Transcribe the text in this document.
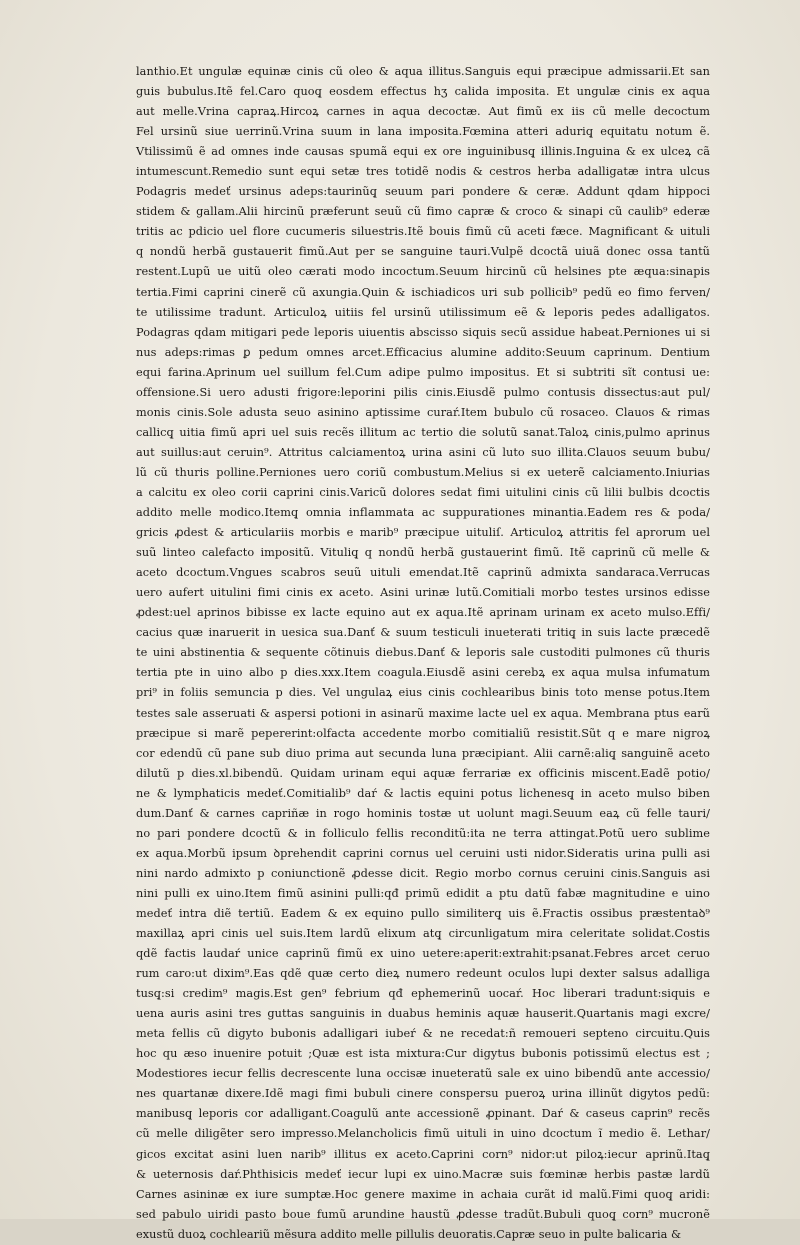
lanthio.Et ungulæ equinæ cinis cũ oleo & aqua illitus.Sanguis equi præcipue admissarii.Et san
guis bubulus.Itẽ fel.Caro quoq̧ eosdem effectus hʒ calida imposita. Et ungulæ cinis ex aqua
aut melle.Vrina capraꝝ.Hircoꝝ carnes in aqua decoctæ. Aut fimũ ex iis cũ melle decoctum
Fel ursinũ siue uerrinũ.Vrina suum in lana imposita.Fœmina atteri aduriq̧ equitatu notum ẽ.
Vtilissimũ ẽ ad omnes inde causas spumã equi ex ore inguinibusq̧ illinis.Inguina & ex ulceꝝ cã
intumescunt.Remedio sunt equi setæ tres totidẽ nodis & cestros herba adalligatæ intra ulcus
Podagris medeť ursinus adeps:taurinũq̧ seuum pari pondere & ceræ. Addunt qdam hippoci
stidem & gallam.Alii hircinũ præferunt seuũ cũ fimo capræ & croco & sinapi cũ caulib⁹ ederæ
tritis ac pdicio uel flore cucumeris siluestris.Itẽ bouis fimũ cũ aceti fæce. Magnificant & uituli
q nondũ herbã gustauerit fimũ.Aut per se sanguine tauri.Vulpẽ dcoctã uiuã donec ossa tantũ
restent.Lupũ ue uitũ oleo cærati modo incoctum.Seuum hircinũ cũ helsines pte æqua:sinapis
tertia.Fimi caprini cinerẽ cũ axungia.Quin & ischiadicos uri sub pollicib⁹ pedũ eo fimo ferven/
te utilissime tradunt. Articuloꝝ uitiis fel ursinũ utilissimum eẽ & leporis pedes adalligatos.
Podagras qdam mitigari pede leporis uiuentis abscisso siquis secũ assidue habeat.Perniones ui si
nus adeps:rimas ꝑ pedum omnes arcet.Efficacius alumine addito:Seuum caprinum. Dentium
equi farina.Aprinum uel suillum fel.Cum adipe pulmo impositus. Et si subtriti sĩt contusi ue:
offensione.Si uero adusti frigore:leporini pilis cinis.Eiusdẽ pulmo contusis dissectus:aut pul/
monis cinis.Sole adusta seuo asinino aptissime curaŕ.Item bubulo cũ rosaceo. Clauos & rimas
callicq̧ uitia fimũ apri uel suis recẽs illitum ac tertio die solutũ sanat.Taloꝝ cinis,pulmo aprinus
aut suillus:aut ceruin⁹. Attritus calciamentoꝝ urina asini cũ luto suo illita.Clauos seuum bubu/
lũ cũ thuris polline.Perniones uero coriũ combustum.Melius si ex ueterẽ calciamento.Iniurias
a calcitu ex oleo corii caprini cinis.Varicũ dolores sedat fimi uitulini cinis cũ lilii bulbis dcoctis
addito melle modico.Itemq̧ omnia inflammata ac suppurationes minantia.Eadem res & poda/
gricis ꝓdest & articulariis morbis e marib⁹ præcipue uituliſ. Articuloꝝ attritis fel aprorum uel
suũ linteo calefacto impositũ. Vituliq̧ q nondũ herbã gustauerint fimũ. Itẽ caprinũ cũ melle &
aceto dcoctum.Vngues scabros seuũ uituli emendat.Itẽ caprinũ admixta sandaraca.Verrucas
uero aufert uitulini fimi cinis ex aceto. Asini urinæ lutũ.Comitiali morbo testes ursinos edisse
ꝓdest:uel aprinos bibisse ex lacte equino aut ex aqua.Itẽ aprinam urinam ex aceto mulso.Effi/
cacius quæ inaruerit in uesica sua.Danť & suum testiculi inueterati tritiq̧ in suis lacte præcedẽ
te uini abstinentia & sequente cõtinuis diebus.Danť & leporis sale custoditi pulmones cũ thuris
tertia pte in uino albo p dies.xxx.Item coagula.Eiusdẽ asini cerebꝝ ex aqua mulsa infumatum
pri⁹ in foliis semuncia p dies. Vel ungulaꝝ eius cinis cochlearibus binis toto mense potus.Item
testes sale asseruati & aspersi potioni in asinarũ maxime lacte uel ex aqua. Membrana ptus earũ
præcipue si marẽ pepererint:olfacta accedente morbo comitialiũ resistit.Sũt q e mare nigroꝝ
cor edendũ cũ pane sub diuo prima aut secunda luna præcipiant. Alii carnẽ:aliq̧ sanguinẽ aceto
dilutũ p dies.xl.bibendũ. Quidam urinam equi aquæ ferrariæ ex officinis miscent.Eadẽ potio/
ne & lymphaticis medeť.Comitialib⁹ daŕ & lactis equini potus lichenesq̧ in aceto mulso biben
dum.Danť & carnes capriñæ in rogo hominis tostæ ut uolunt magi.Seuum eaꝝ cũ felle tauri/
no pari pondere dcoctũ & in folliculo fellis reconditũ:ita ne terra attingat.Potũ uero sublime
ex aqua.Morbũ ipsum ꝺprehendit caprini cornus uel ceruini usti nidor.Sideratis urina pulli asi
nini nardo admixto p coniunctionẽ ꝓdesse dicit. Regio morbo cornus ceruini cinis.Sanguis asi
nini pulli ex uino.Item fimũ asinini pulli:qđ primũ edidit a ptu datũ fabæ magnitudine e uino
medeť intra diẽ tertiũ. Eadem & ex equino pullo similiterq̧ uis ẽ.Fractis ossibus præstentaꝺ⁹
maxillaꝝ apri cinis uel suis.Item lardũ elixum atq̧ circunligatum mira celeritate solidat.Costis
qdẽ factis laudaŕ unice caprinũ fimũ ex uino uetere:aperit:extrahit:psanat.Febres arcet ceruo
rum caro:ut dixim⁹.Eas qdẽ quæ certo dieꝝ numero redeunt oculos lupi dexter salsus adalliga
tusq̧:si credim⁹ magis.Est gen⁹ febrium qđ ephemerinũ uocaŕ. Hoc liberari tradunt:siquis e
uena auris asini tres guttas sanguinis in duabus heminis aquæ hauserit.Quartanis magi excre/
meta fellis cũ digyto bubonis adalligari iubeŕ & ne recedat:ñ remoueri septeno circuitu.Quis
hoc qu æso inuenire potuit ;Quæ est ista mixtura:Cur digytus bubonis potissimũ electus est ;
Modestiores iecur fellis decrescente luna occisæ inueteratũ sale ex uino bibendũ ante accessio/
nes quartanæ dixere.Idẽ magi fimi bubuli cinere conspersu pueroꝝ urina illinũt digytos pedũ:
manibusq̧ leporis cor adalligant.Coagulũ ante accessionẽ ꝓpinant. Daŕ & caseus caprin⁹ recẽs
cũ melle diligẽter sero impresso.Melancholicis fimũ uituli in uino dcoctum ĩ medio ẽ. Lethar/
gicos excitat asini luen narib⁹ illitus ex aceto.Caprini corn⁹ nidor:ut piloꝝ:iecur aprinũ.Itaq̧
& ueternosis daŕ.Phthisicis medeť iecur lupi ex uino.Macræ suis fœminæ herbis pastæ lardũ
Carnes asininæ ex iure sumptæ.Hoc genere maxime in achaia curãt id malũ.Fimi quoq̧ aridi:
sed pabulo uiridi pasto boue fumũ arundine haustũ ꝓdesse tradũt.Bubuli quoq̧ corn⁹ mucronẽ
exustũ duoꝝ cochleariũ mẽsura addito melle pillulis deuoratis.Capræ seuo in pulte balicaria &
